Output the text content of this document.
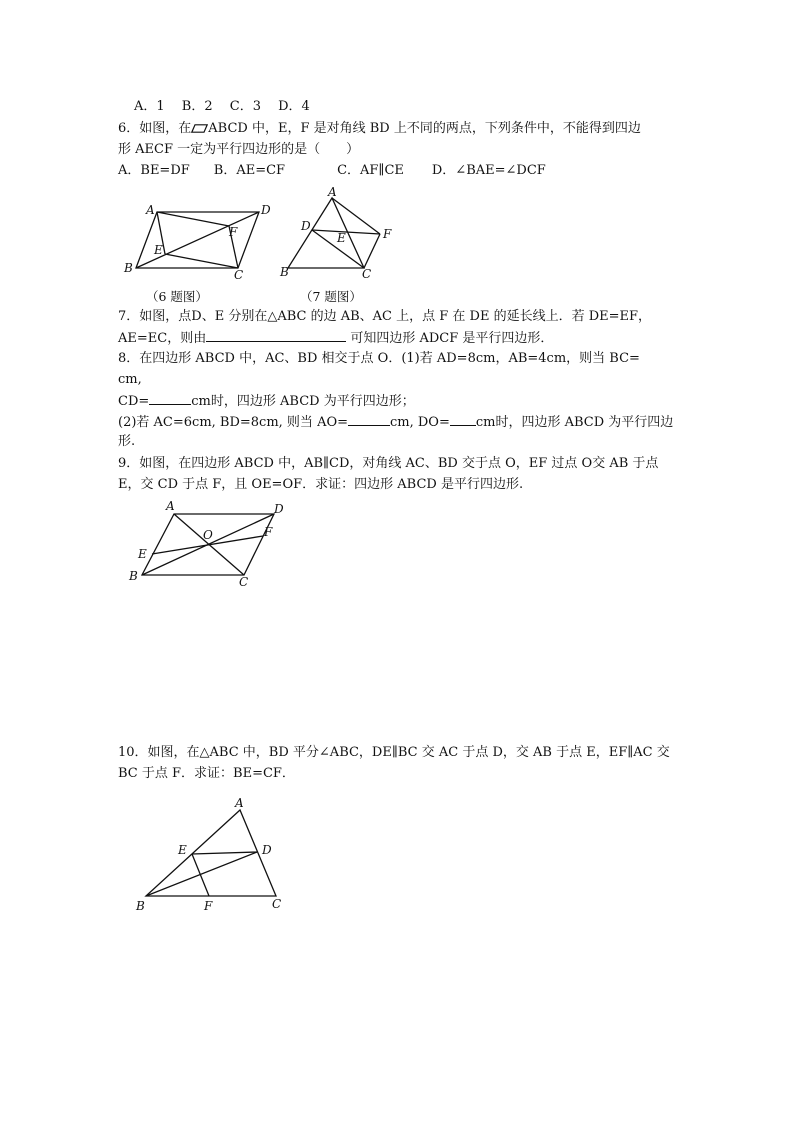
A．1　 B．2　 C．3　 D．4
6．如图，在 ABCD 中，E，F 是对角线 BD 上不同的两点，下列条件中，不能得到四边
形 AECF 一定为平行四边形的是（　　）
A．BE=DF B．AE=CF	C．AF∥CE D．∠BAE=∠DCF
A	D
B	C
E
F
A
D
E	F
B	C
（6 题图）	（7 题图）
7．如图，点D、E 分别在△ABC 的边 AB、AC 上，点 F 在 DE 的延长线上．若 DE=EF，
AE=EC，则由	可知四边形 ADCF 是平行四边形．
8．在四边形 ABCD 中，AC、BD 相交于点 O．(1)若 AD=8cm，AB=4cm，则当 BC=
cm,
CD=	cm时，四边形 ABCD 为平行四边形；
(2)若 AC=6cm, BD=8cm, 则当 AO=	cm, DO= cm时，四边形 ABCD 为平行四边
形.
9．如图，在四边形 ABCD 中，AB∥CD，对角线 AC、BD 交于点 O，EF 过点 O交 AB 于点
E，交 CD 于点 F，且 OE=OF．求证：四边形 ABCD 是平行四边形.
A	D
O	F
E
B	C
10．如图，在△ABC 中，BD 平分∠ABC，DE∥BC 交 AC 于点 D，交 AB 于点 E，EF∥AC 交
BC 于点 F．求证：BE=CF．
A
E	D
B	F	C
